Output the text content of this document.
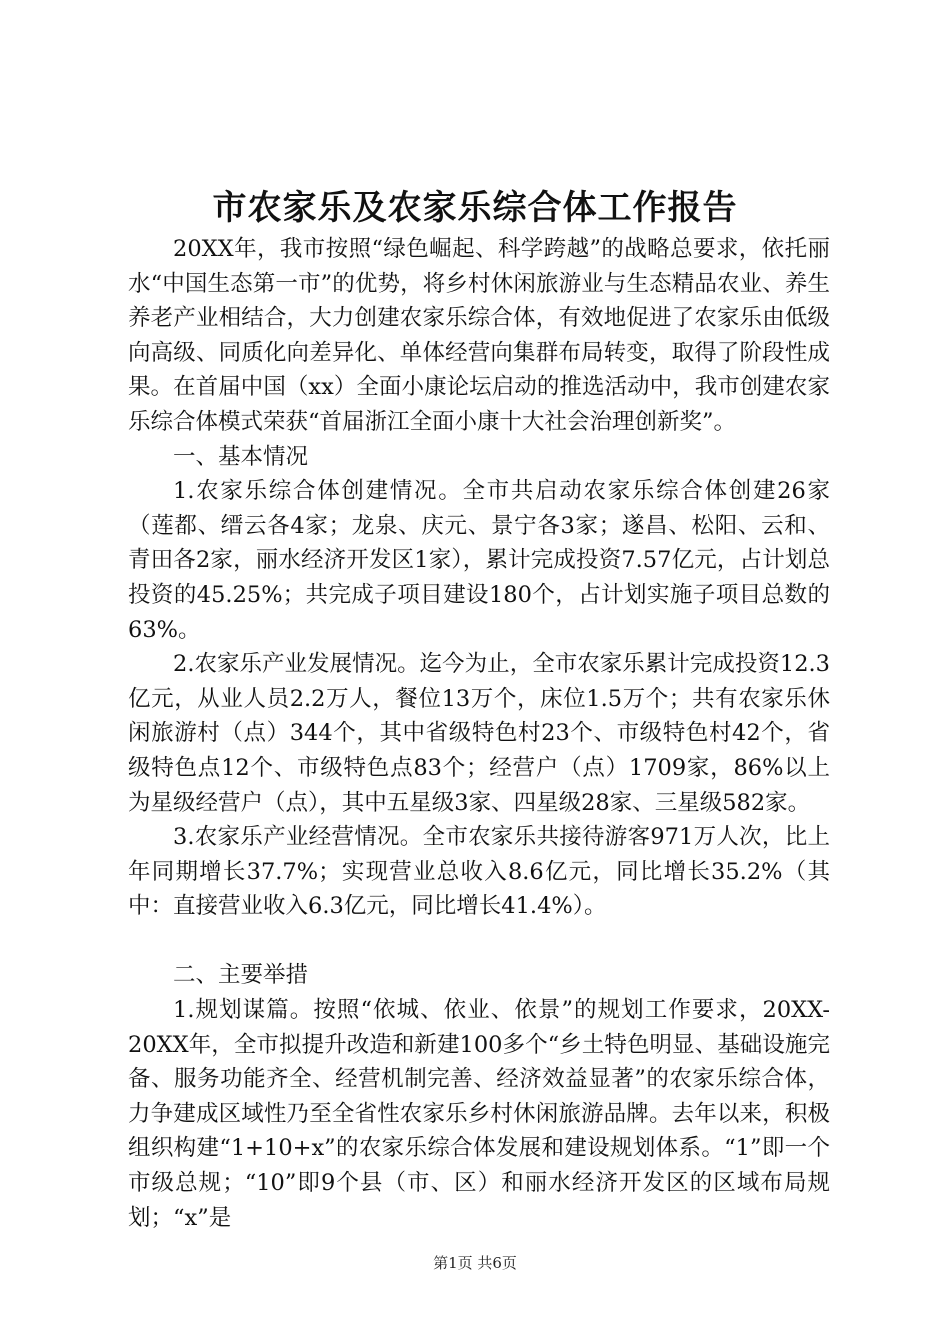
市农家乐及农家乐综合体工作报告

20XX年，我市按照“绿色崛起、科学跨越”的战略总要求，依托丽水“中国生态第一市”的优势，将乡村休闲旅游业与生态精品农业、养生养老产业相结合，大力创建农家乐综合体，有效地促进了农家乐由低级向高级、同质化向差异化、单体经营向集群布局转变，取得了阶段性成果。在首届中国（xx）全面小康论坛启动的推选活动中，我市创建农家乐综合体模式荣获“首届浙江全面小康十大社会治理创新奖”。

一、基本情况

1.农家乐综合体创建情况。全市共启动农家乐综合体创建26家（莲都、缙云各4家；龙泉、庆元、景宁各3家；遂昌、松阳、云和、青田各2家，丽水经济开发区1家），累计完成投资7.57亿元，占计划总投资的45.25%；共完成子项目建设180个，占计划实施子项目总数的63%。

2.农家乐产业发展情况。迄今为止，全市农家乐累计完成投资12.3亿元，从业人员2.2万人，餐位13万个，床位1.5万个；共有农家乐休闲旅游村（点）344个，其中省级特色村23个、市级特色村42个，省级特色点12个、市级特色点83个；经营户（点）1709家，86%以上为星级经营户（点），其中五星级3家、四星级28家、三星级582家。

3.农家乐产业经营情况。全市农家乐共接待游客971万人次，比上年同期增长37.7%；实现营业总收入8.6亿元，同比增长35.2%（其中：直接营业收入6.3亿元，同比增长41.4%）。

二、主要举措

1.规划谋篇。按照“依城、依业、依景”的规划工作要求，20XX-20XX年，全市拟提升改造和新建100多个“乡土特色明显、基础设施完备、服务功能齐全、经营机制完善、经济效益显著”的农家乐综合体，力争建成区域性乃至全省性农家乐乡村休闲旅游品牌。去年以来，积极组织构建“1+10+x”的农家乐综合体发展和建设规划体系。“1”即一个市级总规；“10”即9个县（市、区）和丽水经济开发区的区域布局规划；“x”是

第1页 共6页
